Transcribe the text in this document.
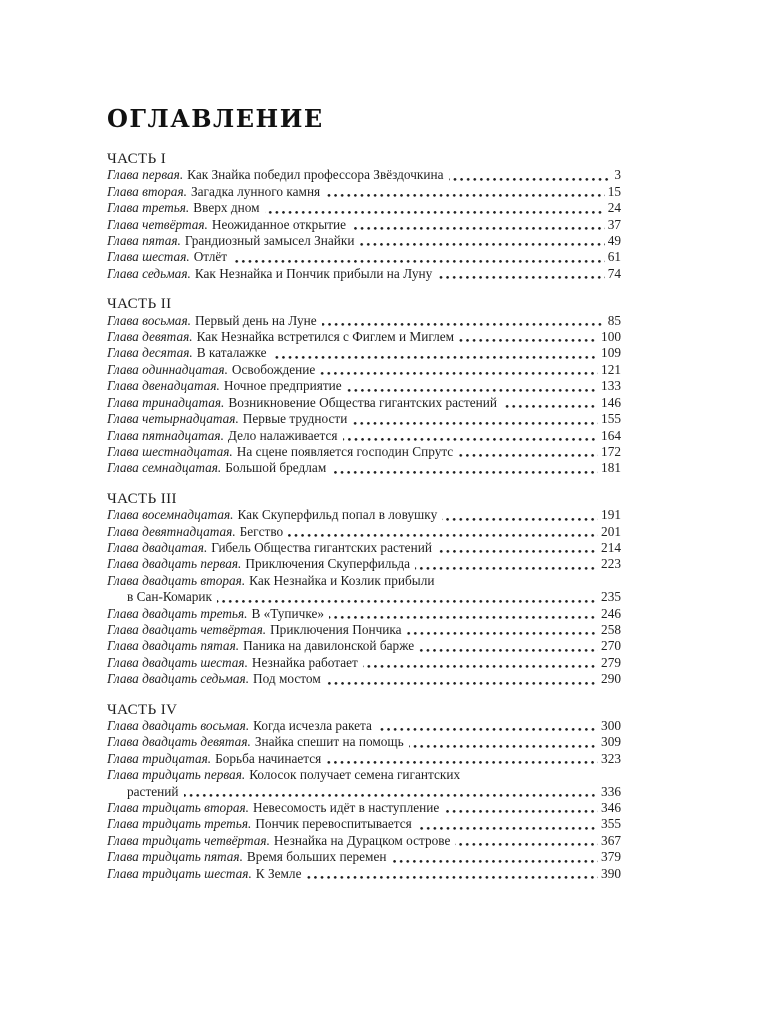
ОГЛАВЛЕНИЕ
ЧАСТЬ I
Глава первая. Как Знайка победил профессора Звёздочкина	3
Глава вторая. Загадка лунного камня	15
Глава третья. Вверх дном	24
Глава четвёртая. Неожиданное открытие	37
Глава пятая. Грандиозный замысел Знайки	49
Глава шестая. Отлёт	61
Глава седьмая. Как Незнайка и Пончик прибыли на Луну	74
ЧАСТЬ II
Глава восьмая. Первый день на Луне	85
Глава девятая. Как Незнайка встретился с Фиглем и Миглем	100
Глава десятая. В каталажке	109
Глава одиннадцатая. Освобождение	121
Глава двенадцатая. Ночное предприятие	133
Глава тринадцатая. Возникновение Общества гигантских растений	146
Глава четырнадцатая. Первые трудности	155
Глава пятнадцатая. Дело налаживается	164
Глава шестнадцатая. На сцене появляется господин Спрутс	172
Глава семнадцатая. Большой бредлам	181
ЧАСТЬ III
Глава восемнадцатая. Как Скуперфильд попал в ловушку	191
Глава девятнадцатая. Бегство	201
Глава двадцатая. Гибель Общества гигантских растений	214
Глава двадцать первая. Приключения Скуперфильда	223
Глава двадцать вторая. Как Незнайка и Козлик прибыли
в Сан-Комарик	235
Глава двадцать третья. В «Тупичке»	246
Глава двадцать четвёртая. Приключения Пончика	258
Глава двадцать пятая. Паника на давилонской барже	270
Глава двадцать шестая. Незнайка работает	279
Глава двадцать седьмая. Под мостом	290
ЧАСТЬ IV
Глава двадцать восьмая. Когда исчезла ракета	300
Глава двадцать девятая. Знайка спешит на помощь	309
Глава тридцатая. Борьба начинается	323
Глава тридцать первая. Колосок получает семена гигантских
растений	336
Глава тридцать вторая. Невесомость идёт в наступление	346
Глава тридцать третья. Пончик перевоспитывается	355
Глава тридцать четвёртая. Незнайка на Дурацком острове	367
Глава тридцать пятая. Время больших перемен	379
Глава тридцать шестая. К Земле	390
